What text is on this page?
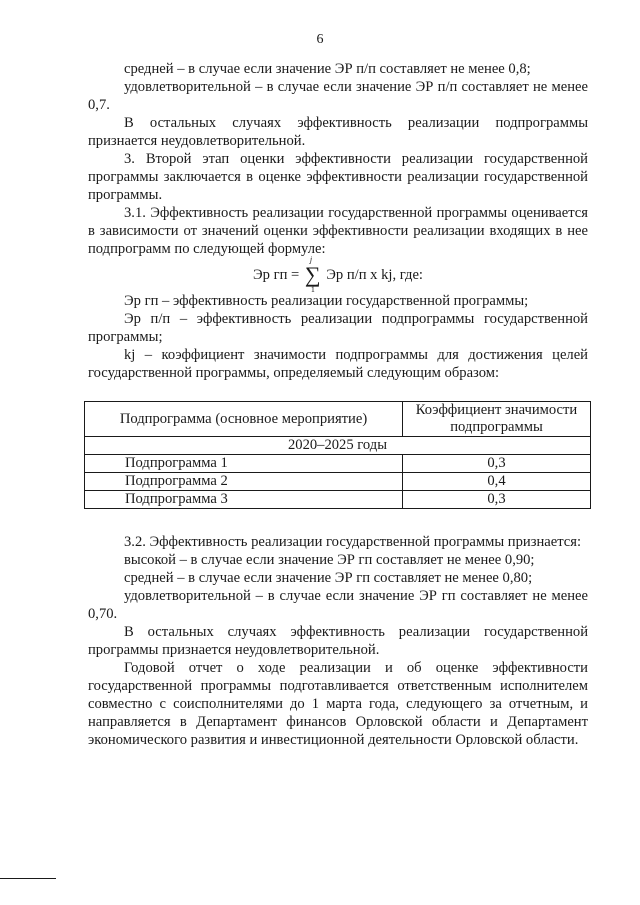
6

средней – в случае если значение ЭР п/п составляет не менее 0,8;

удовлетворительной – в случае если значение ЭР п/п составляет не менее 0,7.

В остальных случаях эффективность реализации подпрограммы признается неудовлетворительной.

3. Второй этап оценки эффективности реализации государственной программы заключается в оценке эффективности реализации государственной программы.

3.1. Эффективность реализации государственной программы оценивается в зависимости от значений оценки эффективности реализации входящих в нее подпрограмм по следующей формуле:

Эр гп = ∑
j
1
Эр п/п х kj, где:

Эр гп – эффективность реализации государственной программы;

Эр п/п – эффективность реализации подпрограммы государственной программы;

kj – коэффициент значимости подпрограммы для достижения целей государственной программы, определяемый следующим образом:

Подпрограмма (основное мероприятие)	Коэффициент значимости подпрограммы
2020–2025 годы	
Подпрограмма 1	0,3
Подпрограмма 2	0,4
Подпрограмма 3	0,3

3.2. Эффективность реализации государственной программы признается:

высокой – в случае если значение ЭР гп составляет не менее 0,90;

средней – в случае если значение ЭР гп составляет не менее 0,80;

удовлетворительной – в случае если значение ЭР гп составляет не менее 0,70.

В остальных случаях эффективность реализации государственной программы признается неудовлетворительной.

Годовой отчет о ходе реализации и об оценке эффективности государственной программы подготавливается ответственным исполнителем совместно с соисполнителями до 1 марта года, следующего за отчетным, и направляется в Департамент финансов Орловской области и Департамент экономического развития и инвестиционной деятельности Орловской области.
